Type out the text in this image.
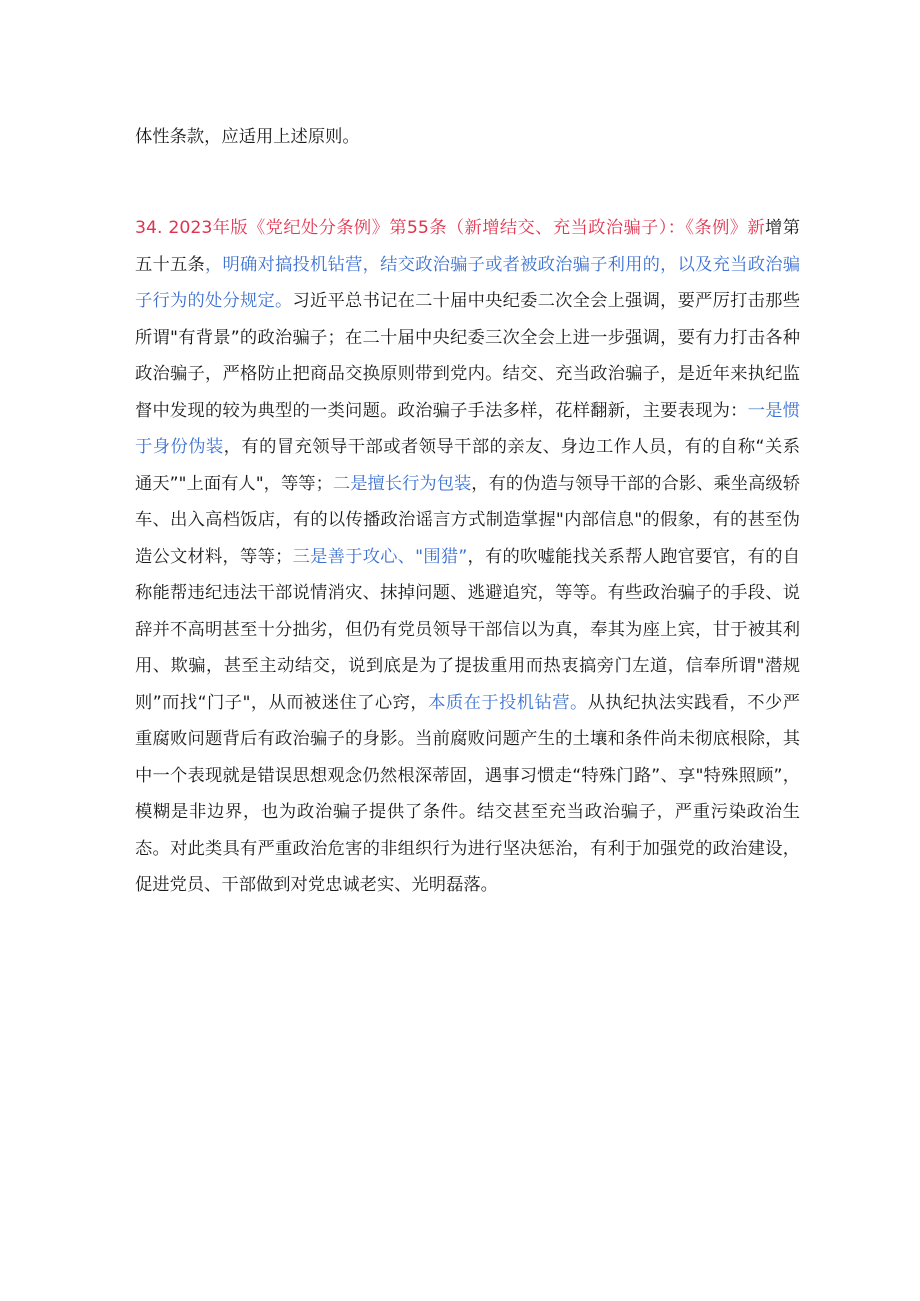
体性条款，应适用上述原则。

34. 2023年版《党纪处分条例》第55条（新增结交、充当政治骗子）：《条例》新增第五十五条，明确对搞投机钻营，结交政治骗子或者被政治骗子利用的，以及充当政治骗子行为的处分规定。习近平总书记在二十届中央纪委二次全会上强调，要严厉打击那些所谓"有背景”的政治骗子；在二十届中央纪委三次全会上进一步强调，要有力打击各种政治骗子，严格防止把商品交换原则带到党内。结交、充当政治骗子，是近年来执纪监督中发现的较为典型的一类问题。政治骗子手法多样，花样翻新，主要表现为：一是惯于身份伪装，有的冒充领导干部或者领导干部的亲友、身边工作人员，有的自称“关系通天”"上面有人"，等等；二是擅长行为包装，有的伪造与领导干部的合影、乘坐高级轿车、出入高档饭店，有的以传播政治谣言方式制造掌握"内部信息"的假象，有的甚至伪造公文材料，等等；三是善于攻心、"围猎”，有的吹嘘能找关系帮人跑官要官，有的自称能帮违纪违法干部说情消灾、抹掉问题、逃避追究，等等。有些政治骗子的手段、说辞并不高明甚至十分拙劣，但仍有党员领导干部信以为真，奉其为座上宾，甘于被其利用、欺骗，甚至主动结交，说到底是为了提拔重用而热衷搞旁门左道，信奉所谓"潜规则”而找“门子"，从而被迷住了心窍，本质在于投机钻营。从执纪执法实践看，不少严重腐败问题背后有政治骗子的身影。当前腐败问题产生的土壤和条件尚未彻底根除，其中一个表现就是错误思想观念仍然根深蒂固，遇事习惯走“特殊门路”、享"特殊照顾”，模糊是非边界，也为政治骗子提供了条件。结交甚至充当政治骗子，严重污染政治生态。对此类具有严重政治危害的非组织行为进行坚决惩治，有利于加强党的政治建设，促进党员、干部做到对党忠诚老实、光明磊落。
